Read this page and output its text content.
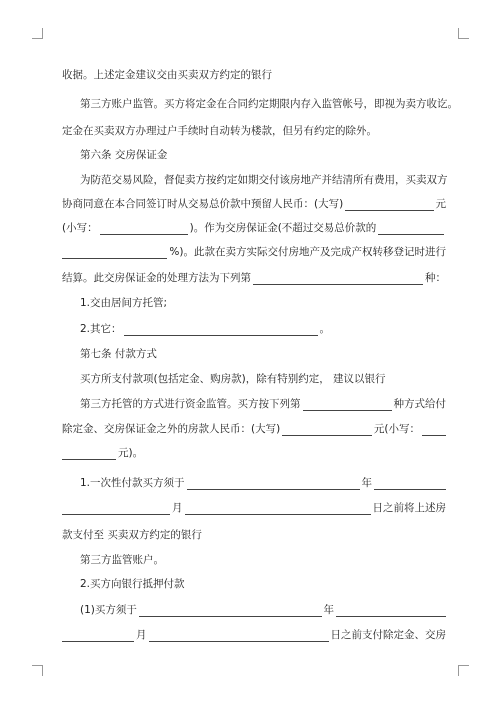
收据。上述定金建议交由买卖双方约定的银行
第三方账户监管。买方将定金在合同约定期限内存入监管帐号，即视为卖方收讫。
定金在买卖双方办理过户手续时自动转为楼款，但另有约定的除外。
第六条 交房保证金
为防范交易风险，督促卖方按约定如期交付该房地产并结清所有费用，买卖双方
协商同意在本合同签订时从交易总价款中预留人民币：(大写)	元
(小写：	)。作为交房保证金(不超过交易总价款的
%)。此款在卖方实际交付房地产及完成产权转移登记时进行
结算。此交房保证金的处理方法为下列第	种：
1.交由居间方托管;
2.其它：	。
第七条 付款方式
买方所支付款项(包括定金、购房款)，除有特别约定， 建议以银行
第三方托管的方式进行资金监管。买方按下列第	种方式给付
除定金、交房保证金之外的房款人民币：(大写)	元(小写：
元)。
1.一次性付款买方须于	年
月	日之前将上述房
款支付至 买卖双方约定的银行
第三方监管账户。
2.买方向银行抵押付款
(1)买方须于	年
月	日之前支付除定金、交房
